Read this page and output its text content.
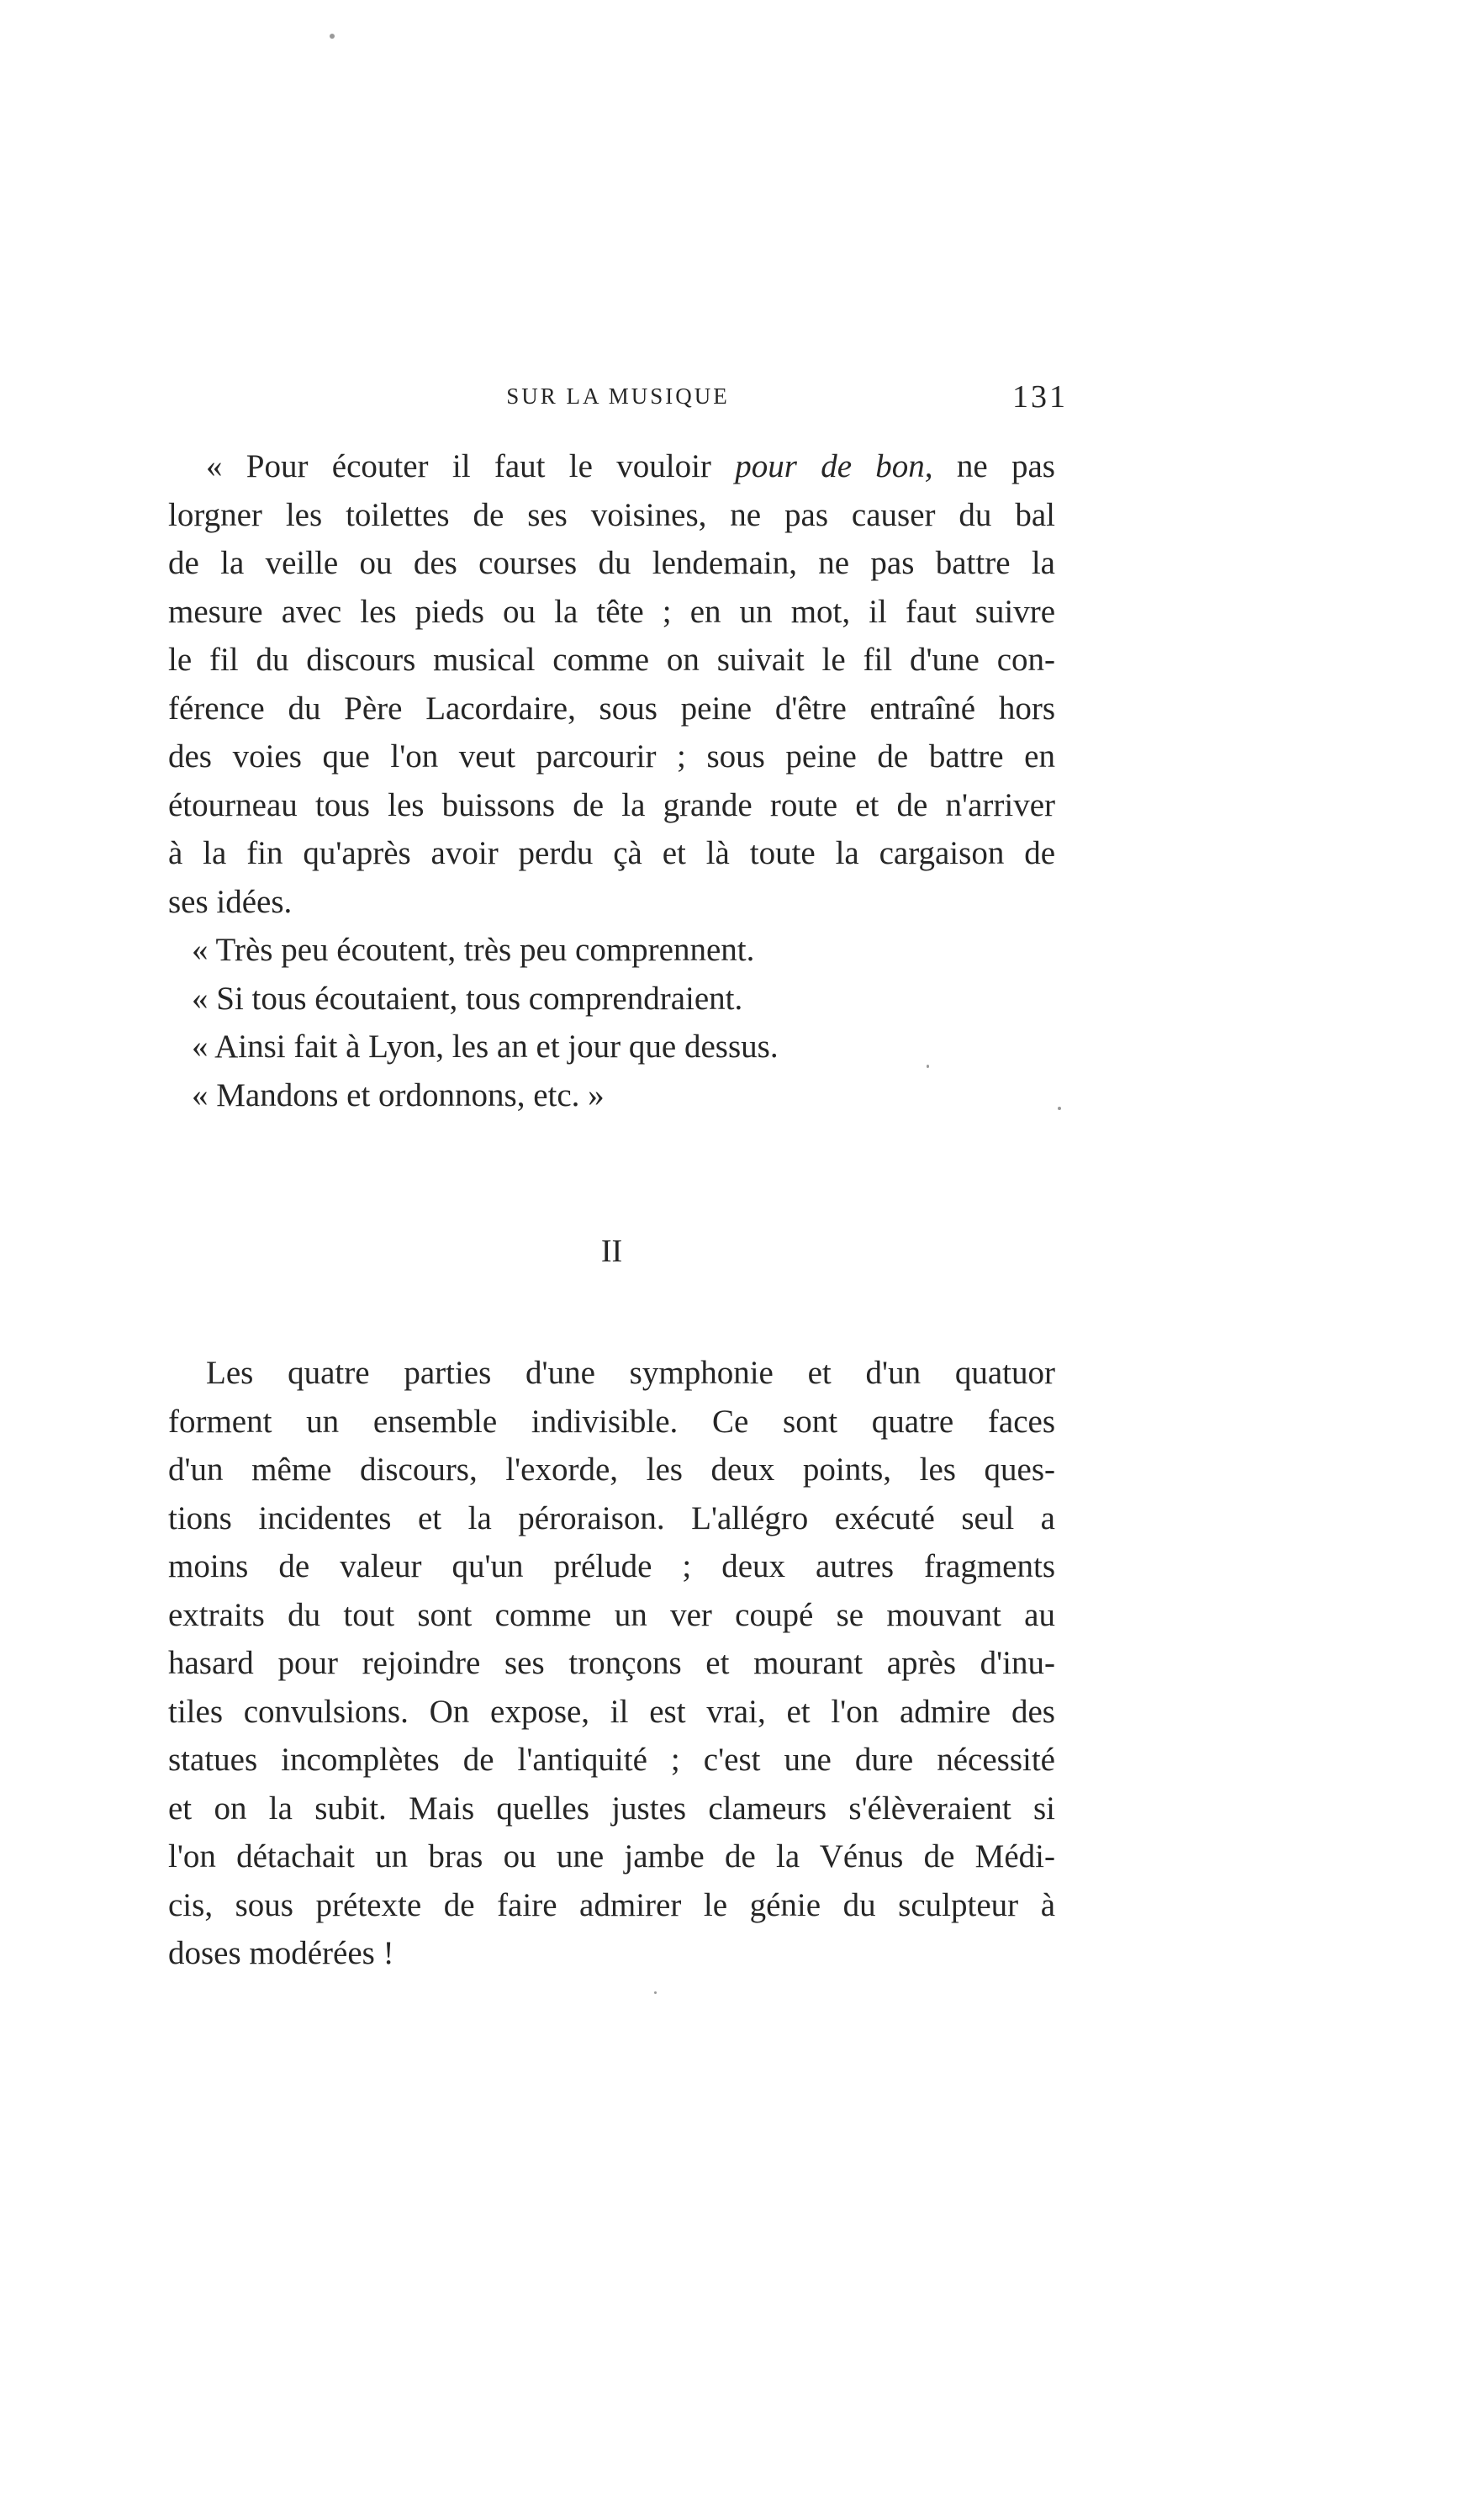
SUR LA MUSIQUE	131
« Pour écouter il faut le vouloir pour de bon, ne pas
lorgner les toilettes de ses voisines, ne pas causer du bal
de la veille ou des courses du lendemain, ne pas battre la
mesure avec les pieds ou la tête ; en un mot, il faut suivre
le fil du discours musical comme on suivait le fil d'une con-
férence du Père Lacordaire, sous peine d'être entraîné hors
des voies que l'on veut parcourir ; sous peine de battre en
étourneau tous les buissons de la grande route et de n'arriver
à la fin qu'après avoir perdu çà et là toute la cargaison de
ses idées.
« Très peu écoutent, très peu comprennent.
« Si tous écoutaient, tous comprendraient.
« Ainsi fait à Lyon, les an et jour que dessus.
« Mandons et ordonnons, etc. »
II
Les quatre parties d'une symphonie et d'un quatuor
forment un ensemble indivisible. Ce sont quatre faces
d'un même discours, l'exorde, les deux points, les ques-
tions incidentes et la péroraison. L'allégro exécuté seul a
moins de valeur qu'un prélude ; deux autres fragments
extraits du tout sont comme un ver coupé se mouvant au
hasard pour rejoindre ses tronçons et mourant après d'inu-
tiles convulsions. On expose, il est vrai, et l'on admire des
statues incomplètes de l'antiquité ; c'est une dure nécessité
et on la subit. Mais quelles justes clameurs s'élèveraient si
l'on détachait un bras ou une jambe de la Vénus de Médi-
cis, sous prétexte de faire admirer le génie du sculpteur à
doses modérées !
